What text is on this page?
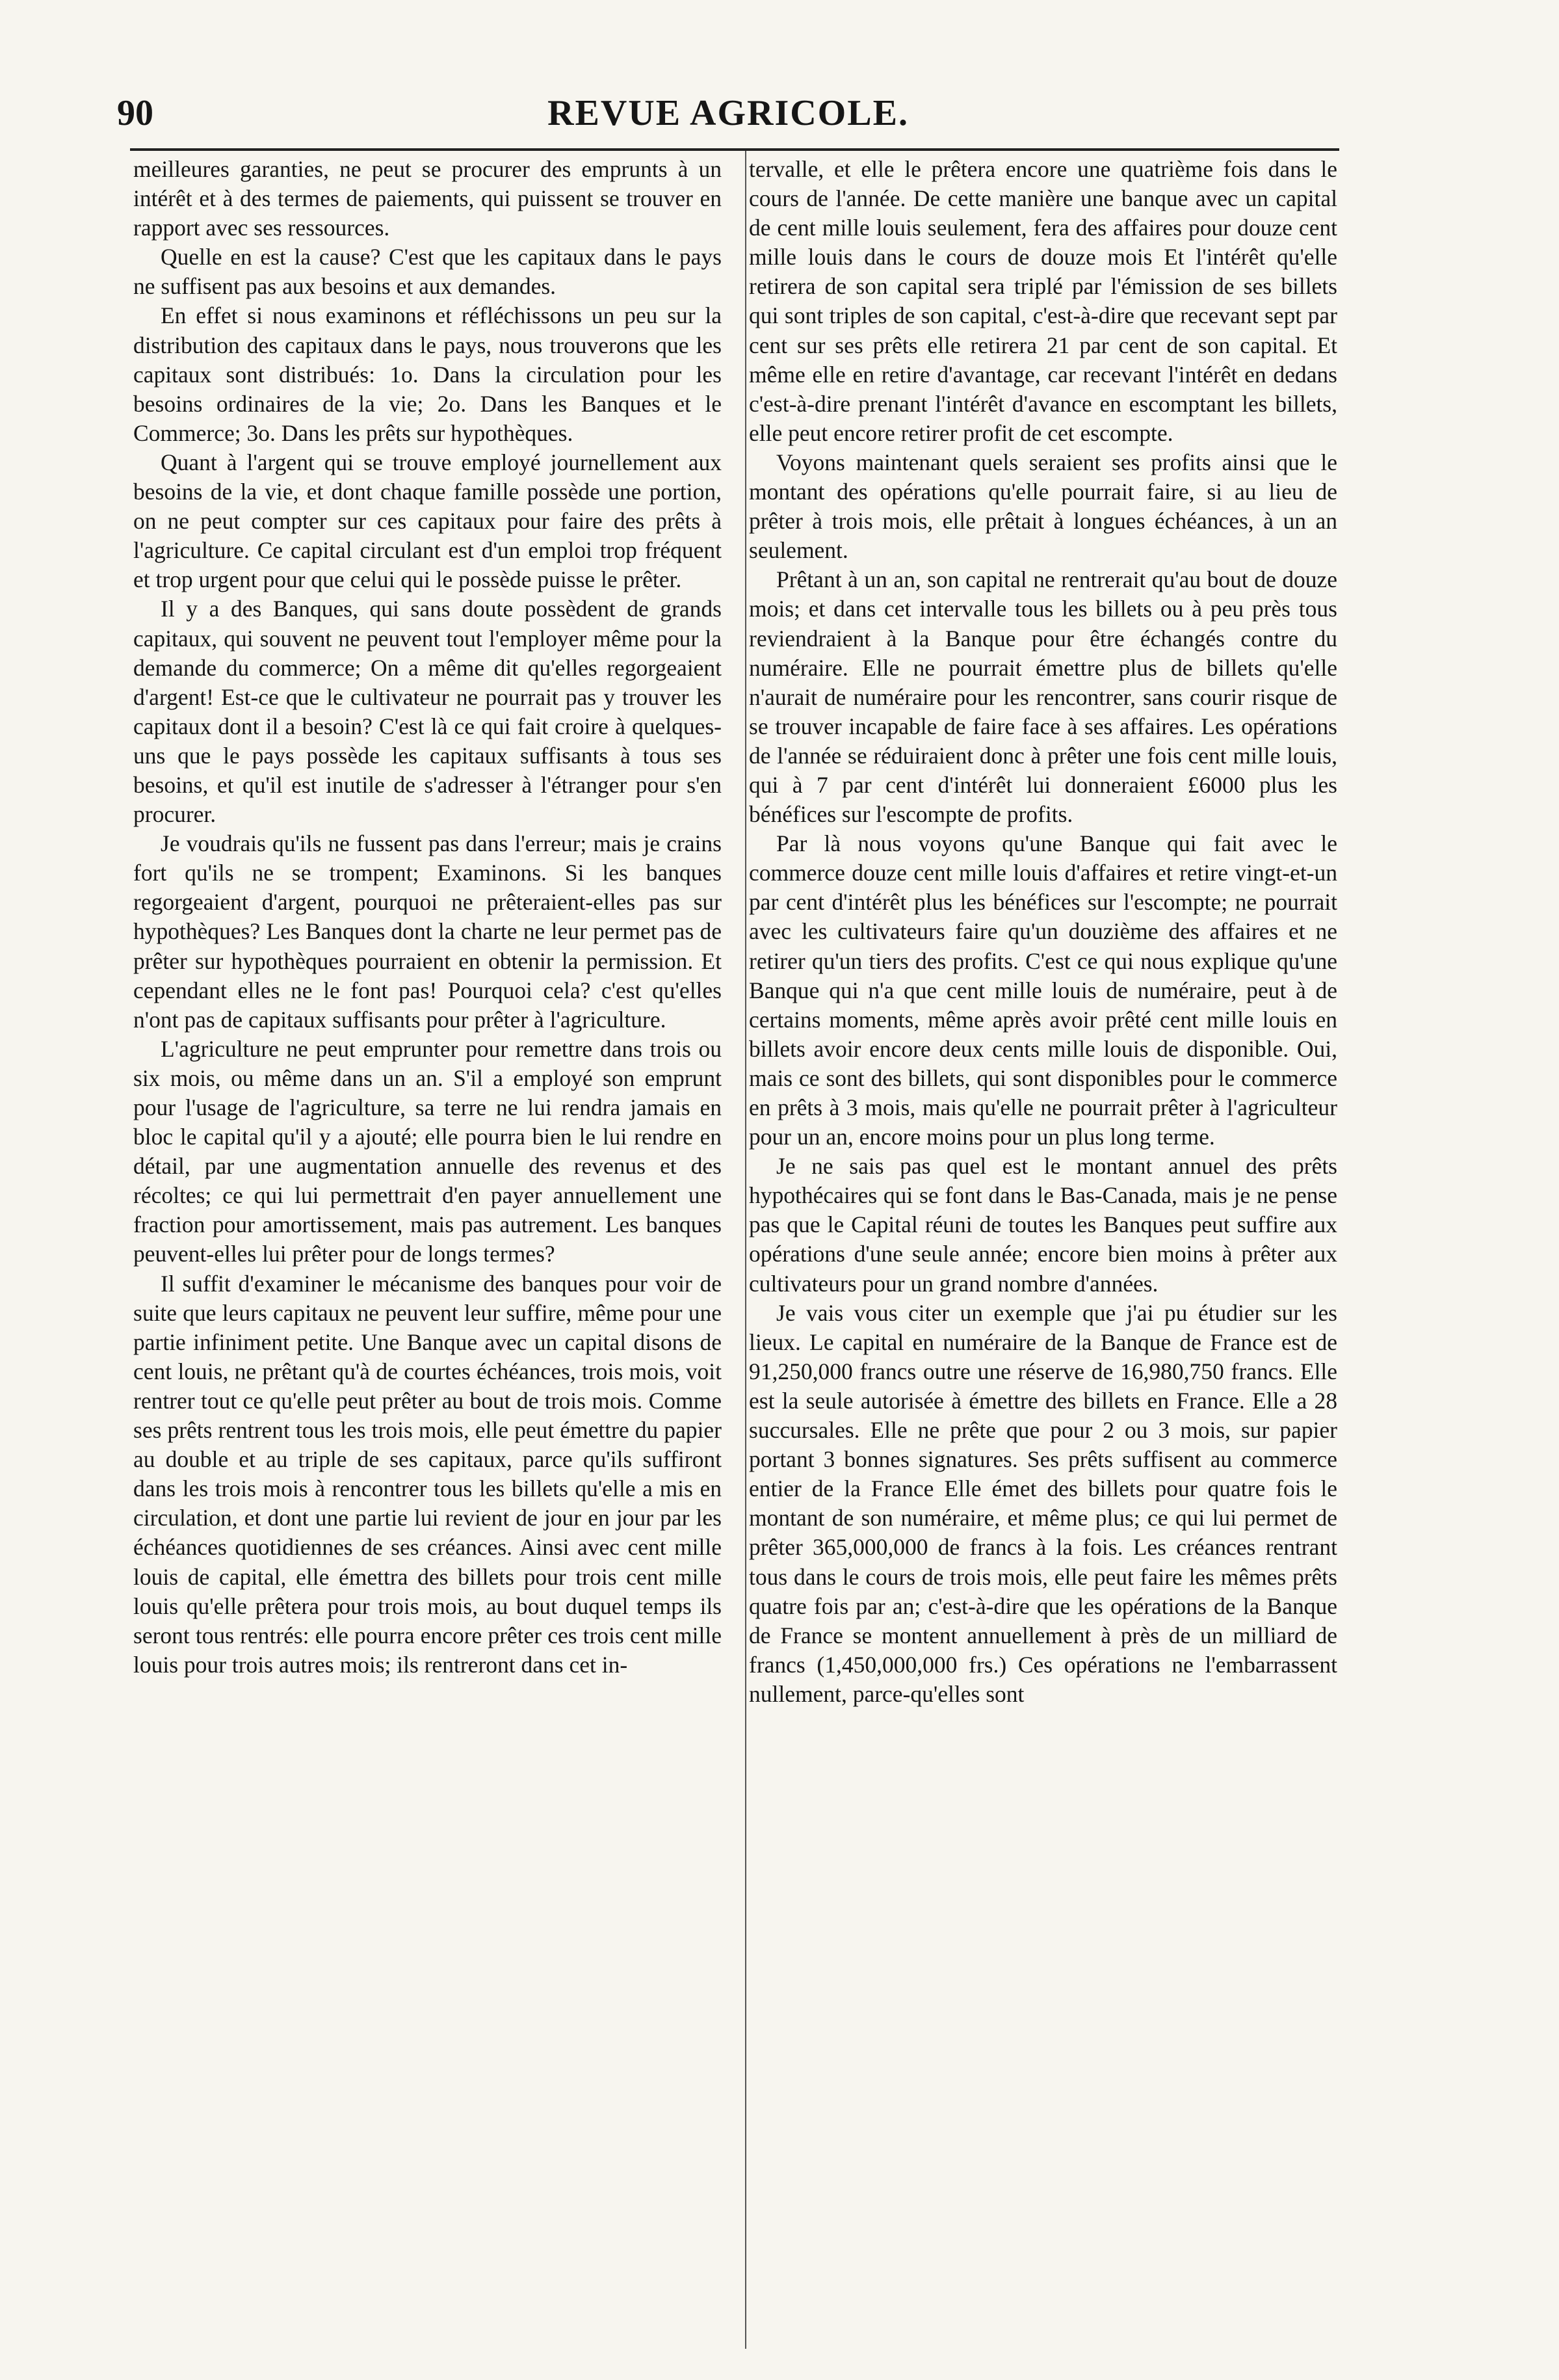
90	REVUE AGRICOLE.

meilleures garanties, ne peut se procurer des emprunts à un intérêt et à des termes de paiements, qui puissent se trouver en rapport avec ses ressources.

Quelle en est la cause? C'est que les capitaux dans le pays ne suffisent pas aux besoins et aux demandes.

En effet si nous examinons et réfléchissons un peu sur la distribution des capitaux dans le pays, nous trouverons que les capitaux sont distribués: 1o. Dans la circulation pour les besoins ordinaires de la vie; 2o. Dans les Banques et le Commerce; 3o. Dans les prêts sur hypothèques.

Quant à l'argent qui se trouve employé journellement aux besoins de la vie, et dont chaque famille possède une portion, on ne peut compter sur ces capitaux pour faire des prêts à l'agriculture. Ce capital circulant est d'un emploi trop fréquent et trop urgent pour que celui qui le possède puisse le prêter.

Il y a des Banques, qui sans doute possèdent de grands capitaux, qui souvent ne peuvent tout l'employer même pour la demande du commerce; On a même dit qu'elles regorgeaient d'argent! Est-ce que le cultivateur ne pourrait pas y trouver les capitaux dont il a besoin? C'est là ce qui fait croire à quelques-uns que le pays possède les capitaux suffisants à tous ses besoins, et qu'il est inutile de s'adresser à l'étranger pour s'en procurer.

Je voudrais qu'ils ne fussent pas dans l'erreur; mais je crains fort qu'ils ne se trompent; Examinons. Si les banques regorgeaient d'argent, pourquoi ne prêteraient-elles pas sur hypothèques? Les Banques dont la charte ne leur permet pas de prêter sur hypothèques pourraient en obtenir la permission. Et cependant elles ne le font pas! Pourquoi cela? c'est qu'elles n'ont pas de capitaux suffisants pour prêter à l'agriculture.

L'agriculture ne peut emprunter pour remettre dans trois ou six mois, ou même dans un an. S'il a employé son emprunt pour l'usage de l'agriculture, sa terre ne lui rendra jamais en bloc le capital qu'il y a ajouté; elle pourra bien le lui rendre en détail, par une augmentation annuelle des revenus et des récoltes; ce qui lui permettrait d'en payer annuellement une fraction pour amortissement, mais pas autrement. Les banques peuvent-elles lui prêter pour de longs termes?

Il suffit d'examiner le mécanisme des banques pour voir de suite que leurs capitaux ne peuvent leur suffire, même pour une partie infiniment petite. Une Banque avec un capital disons de cent louis, ne prêtant qu'à de courtes échéances, trois mois, voit rentrer tout ce qu'elle peut prêter au bout de trois mois. Comme ses prêts rentrent tous les trois mois, elle peut émettre du papier au double et au triple de ses capitaux, parce qu'ils suffiront dans les trois mois à rencontrer tous les billets qu'elle a mis en circulation, et dont une partie lui revient de jour en jour par les échéances quotidiennes de ses créances. Ainsi avec cent mille louis de capital, elle émettra des billets pour trois cent mille louis qu'elle prêtera pour trois mois, au bout duquel temps ils seront tous rentrés: elle pourra encore prêter ces trois cent mille louis pour trois autres mois; ils rentreront dans cet in-

tervalle, et elle le prêtera encore une quatrième fois dans le cours de l'année. De cette manière une banque avec un capital de cent mille louis seulement, fera des affaires pour douze cent mille louis dans le cours de douze mois Et l'intérêt qu'elle retirera de son capital sera triplé par l'émission de ses billets qui sont triples de son capital, c'est-à-dire que recevant sept par cent sur ses prêts elle retirera 21 par cent de son capital. Et même elle en retire d'avantage, car recevant l'intérêt en dedans c'est-à-dire prenant l'intérêt d'avance en escomptant les billets, elle peut encore retirer profit de cet escompte.

Voyons maintenant quels seraient ses profits ainsi que le montant des opérations qu'elle pourrait faire, si au lieu de prêter à trois mois, elle prêtait à longues échéances, à un an seulement.

Prêtant à un an, son capital ne rentrerait qu'au bout de douze mois; et dans cet intervalle tous les billets ou à peu près tous reviendraient à la Banque pour être échangés contre du numéraire. Elle ne pourrait émettre plus de billets qu'elle n'aurait de numéraire pour les rencontrer, sans courir risque de se trouver incapable de faire face à ses affaires. Les opérations de l'année se réduiraient donc à prêter une fois cent mille louis, qui à 7 par cent d'intérêt lui donneraient £6000 plus les bénéfices sur l'escompte de profits.

Par là nous voyons qu'une Banque qui fait avec le commerce douze cent mille louis d'affaires et retire vingt-et-un par cent d'intérêt plus les bénéfices sur l'escompte; ne pourrait avec les cultivateurs faire qu'un douzième des affaires et ne retirer qu'un tiers des profits. C'est ce qui nous explique qu'une Banque qui n'a que cent mille louis de numéraire, peut à de certains moments, même après avoir prêté cent mille louis en billets avoir encore deux cents mille louis de disponible. Oui, mais ce sont des billets, qui sont disponibles pour le commerce en prêts à 3 mois, mais qu'elle ne pourrait prêter à l'agriculteur pour un an, encore moins pour un plus long terme.

Je ne sais pas quel est le montant annuel des prêts hypothécaires qui se font dans le Bas-Canada, mais je ne pense pas que le Capital réuni de toutes les Banques peut suffire aux opérations d'une seule année; encore bien moins à prêter aux cultivateurs pour un grand nombre d'années.

Je vais vous citer un exemple que j'ai pu étudier sur les lieux. Le capital en numéraire de la Banque de France est de 91,250,000 francs outre une réserve de 16,980,750 francs. Elle est la seule autorisée à émettre des billets en France. Elle a 28 succursales. Elle ne prête que pour 2 ou 3 mois, sur papier portant 3 bonnes signatures. Ses prêts suffisent au commerce entier de la France Elle émet des billets pour quatre fois le montant de son numéraire, et même plus; ce qui lui permet de prêter 365,000,000 de francs à la fois. Les créances rentrant tous dans le cours de trois mois, elle peut faire les mêmes prêts quatre fois par an; c'est-à-dire que les opérations de la Banque de France se montent annuellement à près de un milliard de francs (1,450,000,000 frs.) Ces opérations ne l'embarrassent nullement, parce-qu'elles sont
